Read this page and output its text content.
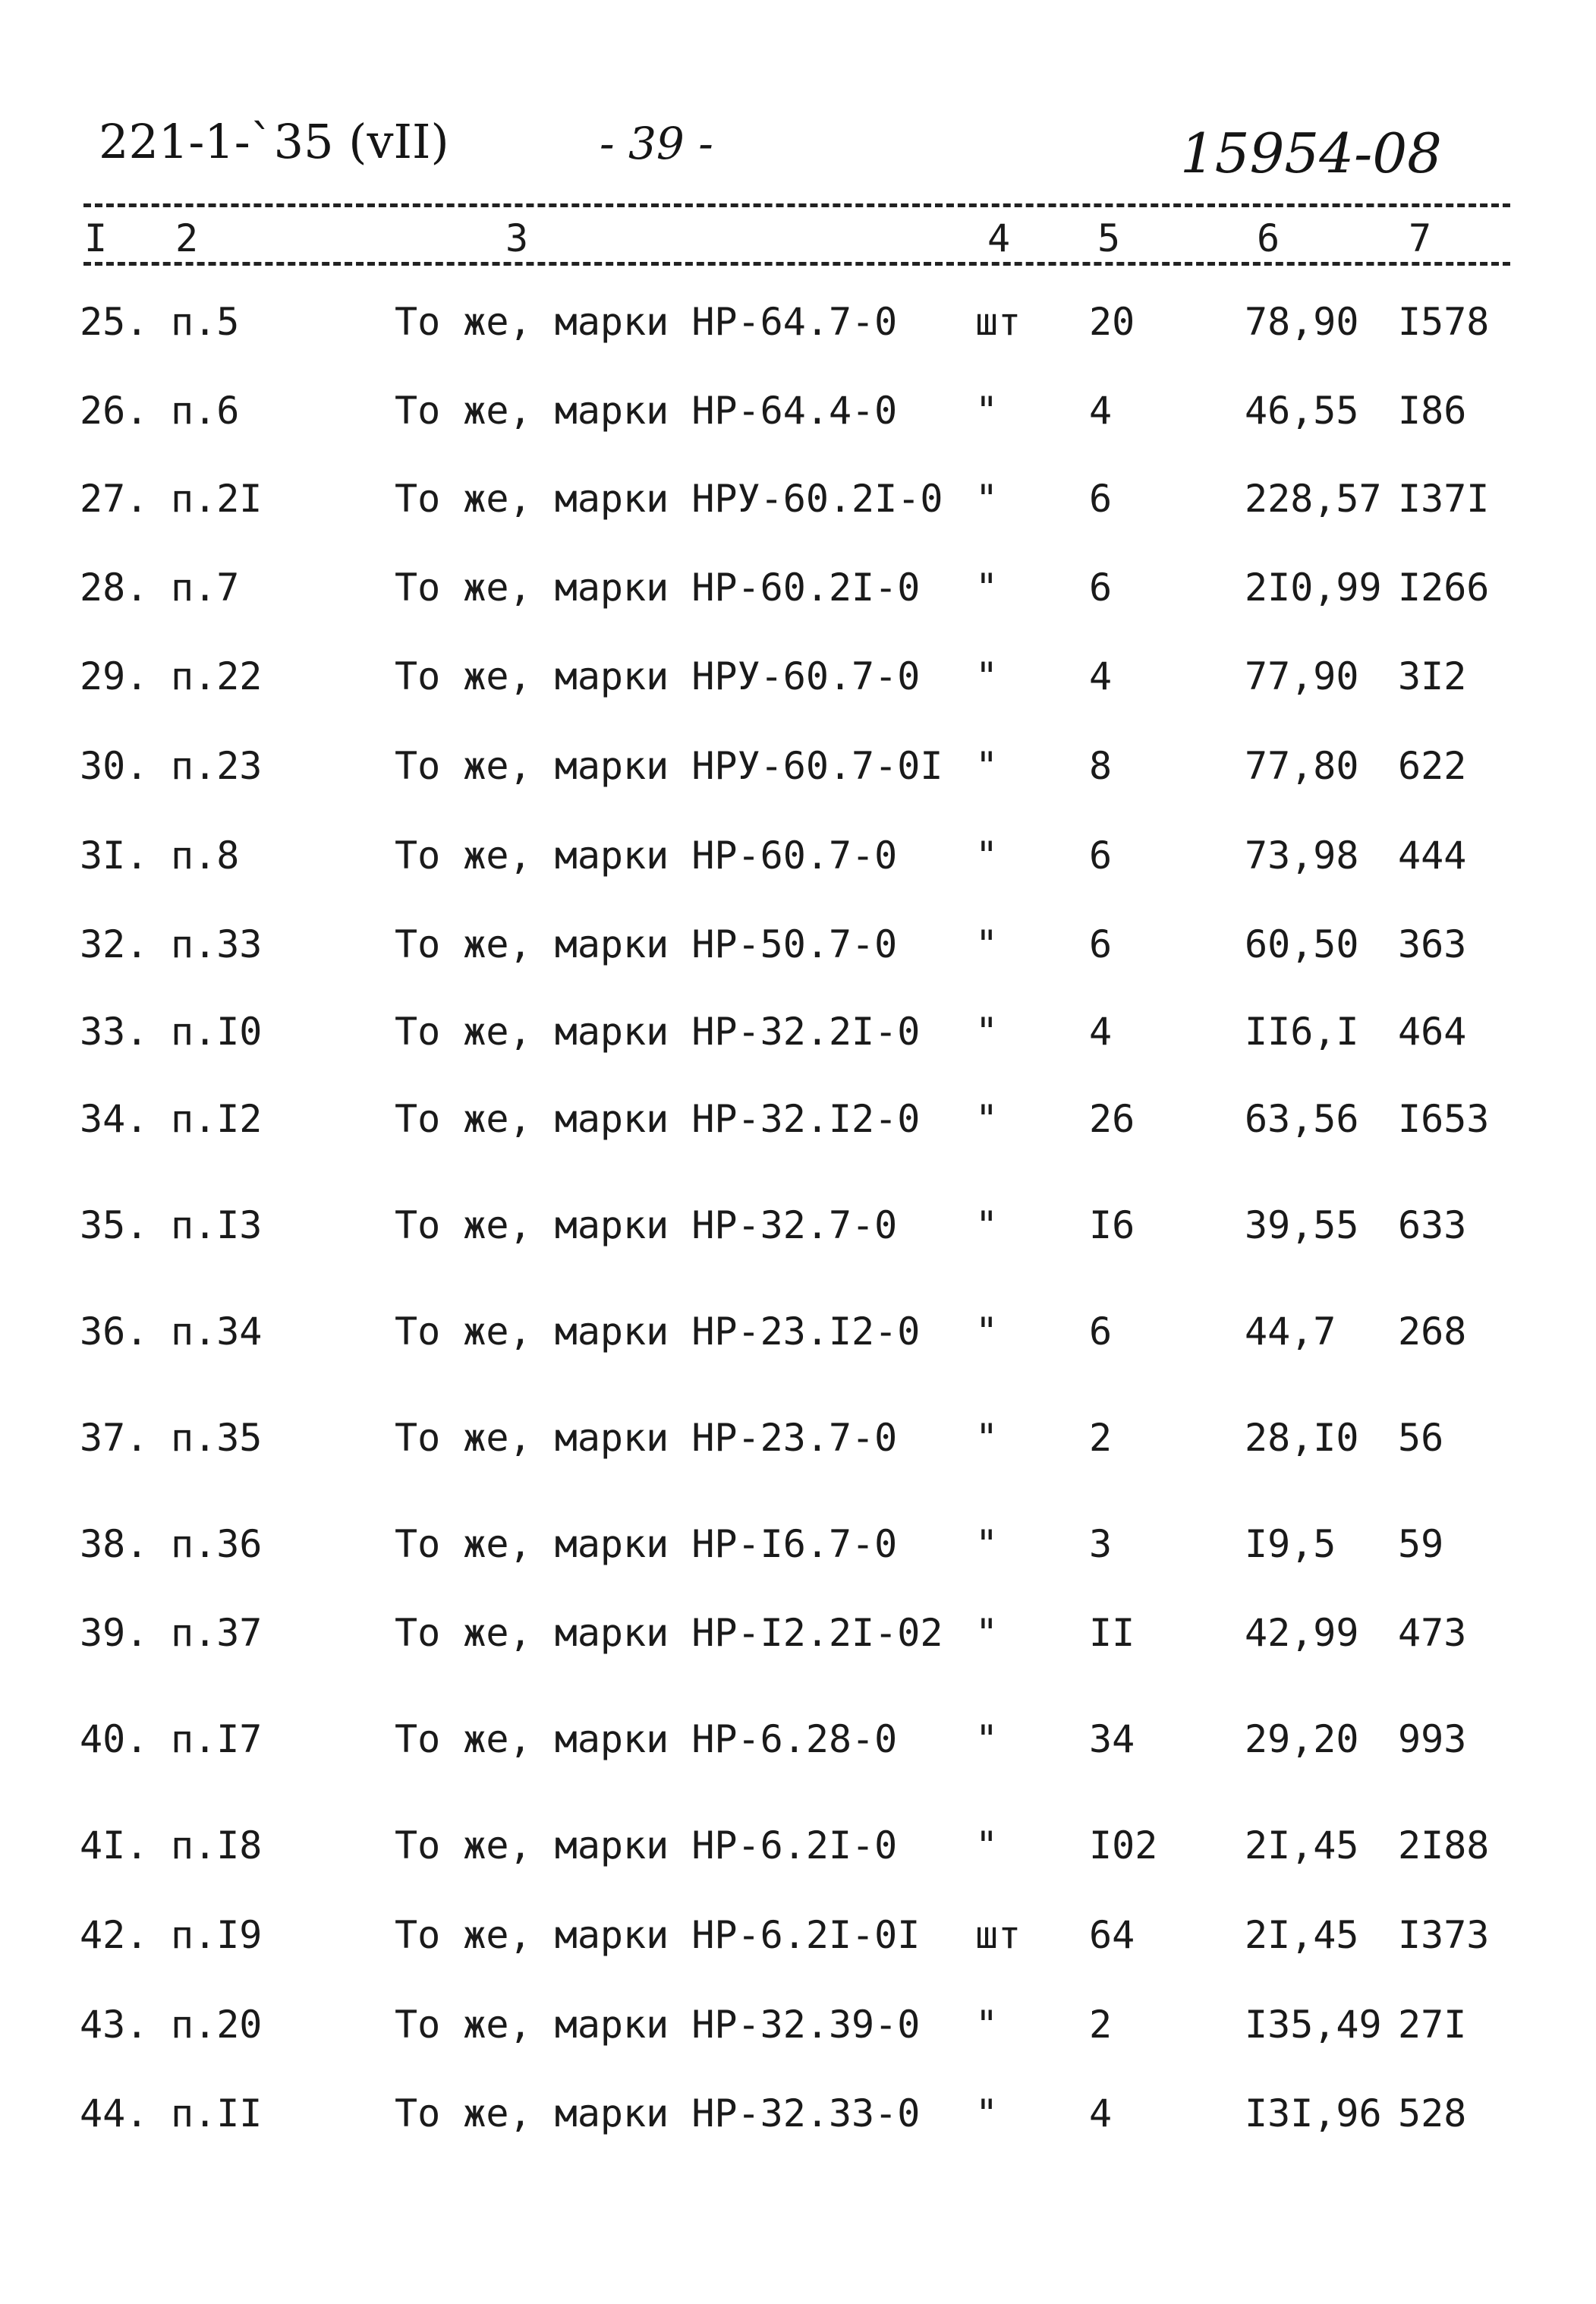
221-1-`35 (vII)	- 39 -	15954-08
I 2	3	4 5	6	7
25. п.5	То же, марки НР-64.7-0 шт 20	78,90 I578
26. п.6	То же, марки НР-64.4-0 " 4	46,55 I86
27. п.2I	То же, марки НРУ-60.2I-0 " 6	228,57 I37I
28. п.7	То же, марки НР-60.2I-0 " 6	2I0,99 I266
29. п.22	То же, марки НРУ-60.7-0 " 4	77,90 3I2
30. п.23	То же, марки НРУ-60.7-0I " 8	77,80 622
3I. п.8	То же, марки НР-60.7-0 " 6	73,98 444
32. п.33	То же, марки НР-50.7-0 " 6	60,50 363
33. п.I0	То же, марки НР-32.2I-0 " 4	II6,I 464
34. п.I2	То же, марки НР-32.I2-0 " 26	63,56 I653
35. п.I3	То же, марки НР-32.7-0 " I6	39,55 633
36. п.34	То же, марки НР-23.I2-0 " 6	44,7 268
37. п.35	То же, марки НР-23.7-0 " 2	28,I0 56
38. п.36	То же, марки НР-I6.7-0 " 3	I9,5 59
39. п.37	То же, марки НР-I2.2I-02 " II	42,99 473
40. п.I7	То же, марки НР-6.28-0 " 34	29,20 993
4I. п.I8	То же, марки НР-6.2I-0 " I02 2I,45 2I88
42. п.I9	То же, марки НР-6.2I-0I шт 64	2I,45 I373
43. п.20	То же, марки НР-32.39-0 " 2	I35,49 27I
44. п.II	То же, марки НР-32.33-0 " 4	I3I,96 528
